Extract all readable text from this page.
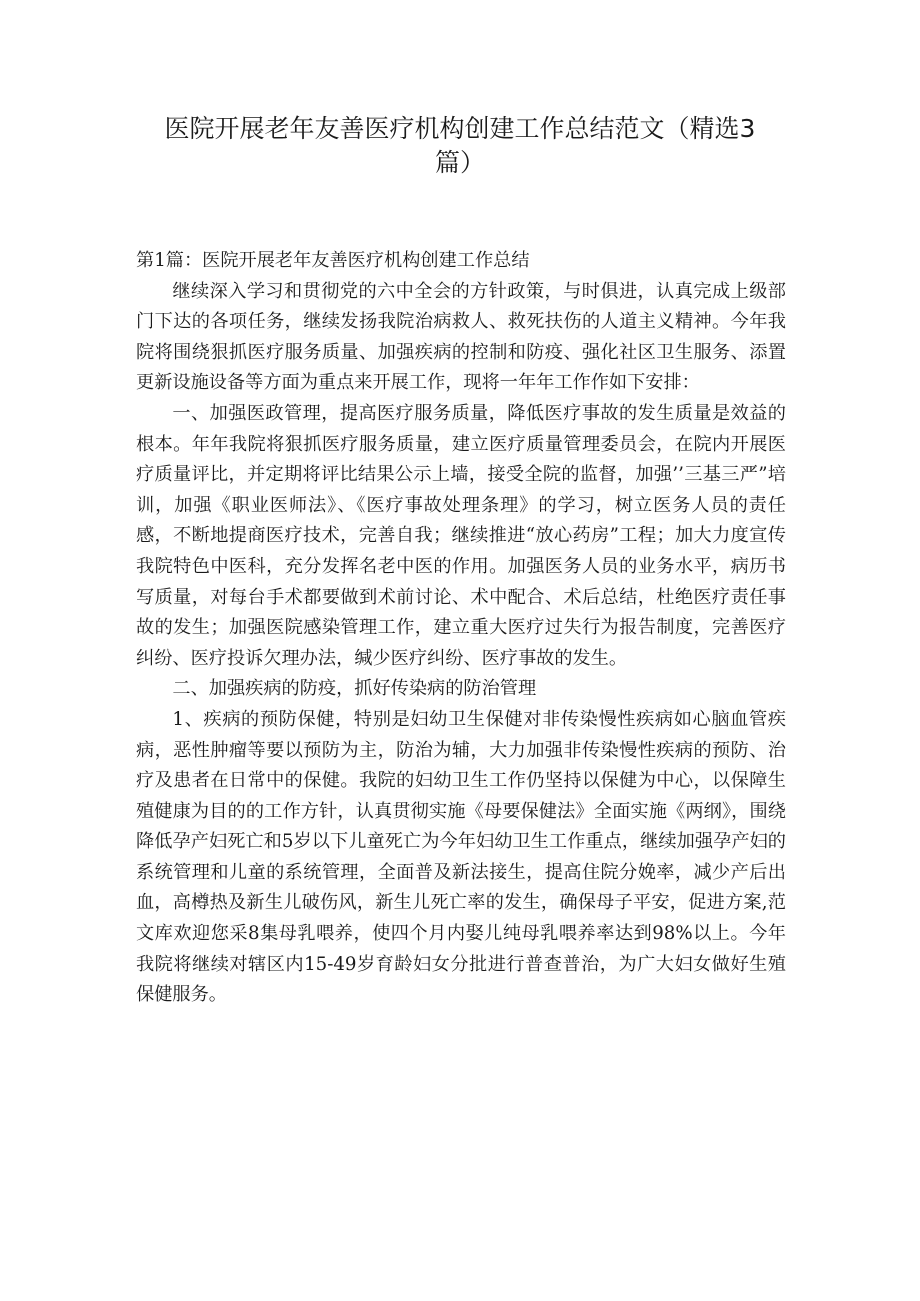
医院开展老年友善医疗机构创建工作总结范文（精选3
篇）

第1篇：医院开展老年友善医疗机构创建工作总结

继续深入学习和贯彻党的六中全会的方针政策，与时俱进，认真完成上级部门下达的各项任务，继续发扬我院治病救人、救死扶伤的人道主义精神。今年我院将围绕狠抓医疗服务质量、加强疾病的控制和防疫、强化社区卫生服务、添置更新设施设备等方面为重点来开展工作，现将一年年工作作如下安排：

一、加强医政管理，提高医疗服务质量，降低医疗事故的发生质量是效益的根本。年年我院将狠抓医疗服务质量，建立医疗质量管理委员会，在院内开展医疗质量评比，并定期将评比结果公示上墙，接受全院的监督，加强’’三基三严”培训，加强《职业医师法》、《医疗事故处理条理》的学习，树立医务人员的责任感，不断地提商医疗技术，完善自我；继续推进“放心药房”工程；加大力度宣传我院特色中医科，充分发挥名老中医的作用。加强医务人员的业务水平，病历书写质量，对每台手术都要做到术前讨论、术中配合、术后总结，杜绝医疗责任事故的发生；加强医院感染管理工作，建立重大医疗过失行为报告制度，完善医疗纠纷、医疗投诉欠理办法，缄少医疗纠纷、医疗事故的发生。

二、加强疾病的防疫，抓好传染病的防治管理

1、疾病的预防保健，特别是妇幼卫生保健对非传染慢性疾病如心脑血管疾病，恶性肿瘤等要以预防为主，防治为辅，大力加强非传染慢性疾病的预防、治疗及患者在日常中的保健。我院的妇幼卫生工作仍坚持以保健为中心，以保障生殖健康为目的的工作方针，认真贯彻实施《母要保健法》全面实施《两纲》，围绕降低孕产妇死亡和5岁以下儿童死亡为今年妇幼卫生工作重点，继续加强孕产妇的系统管理和儿童的系统管理，全面普及新法接生，提高住院分娩率，减少产后出血，高樽热及新生儿破伤风，新生儿死亡率的发生，确保母子平安，促进方案,范文库欢迎您采8集母乳喂养，使四个月内娶儿纯母乳喂养率达到98%以上。今年我院将继续对辖区内15-49岁育龄妇女分批进行普查普治，为广大妇女做好生殖保健服务。
